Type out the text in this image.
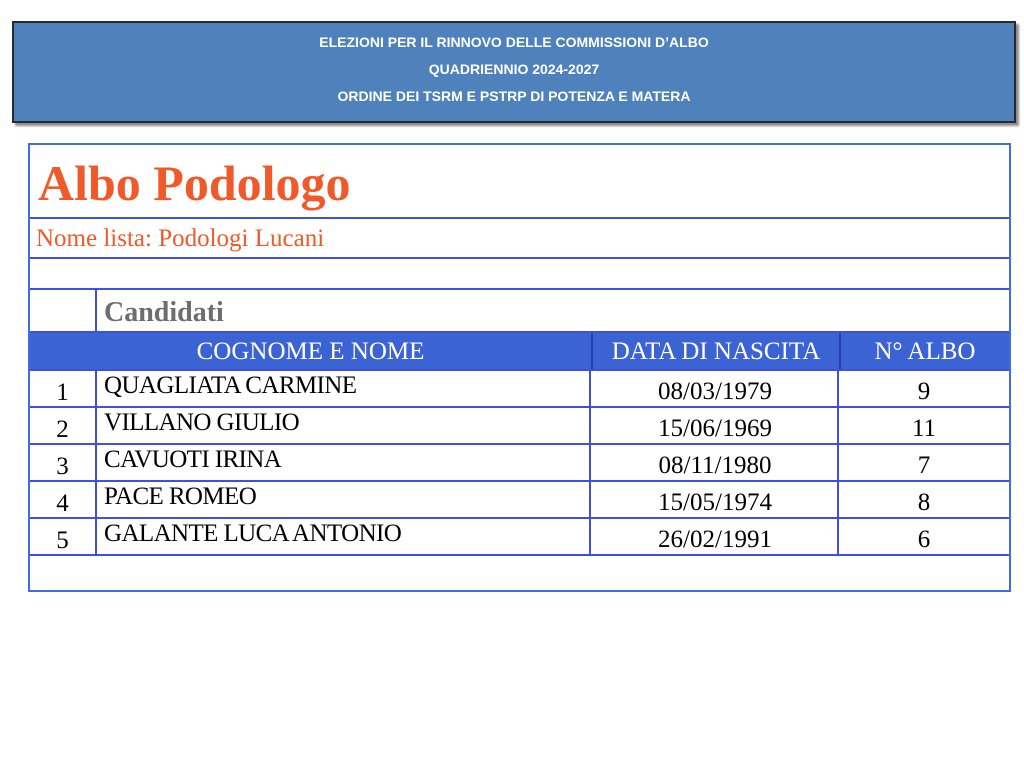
ELEZIONI PER IL RINNOVO DELLE COMMISSIONI D’ALBO
QUADRIENNIO 2024-2027
ORDINE DEI TSRM E PSTRP DI POTENZA E MATERA
Albo Podologo
Nome lista: Podologi Lucani
Candidati
COGNOME E NOME	DATA DI NASCITA	N° ALBO
1	QUAGLIATA CARMINE	08/03/1979	9
2	VILLANO GIULIO	15/06/1969	11
3	CAVUOTI IRINA	08/11/1980	7
4	PACE ROMEO	15/05/1974	8
5	GALANTE LUCA ANTONIO	26/02/1991	6
